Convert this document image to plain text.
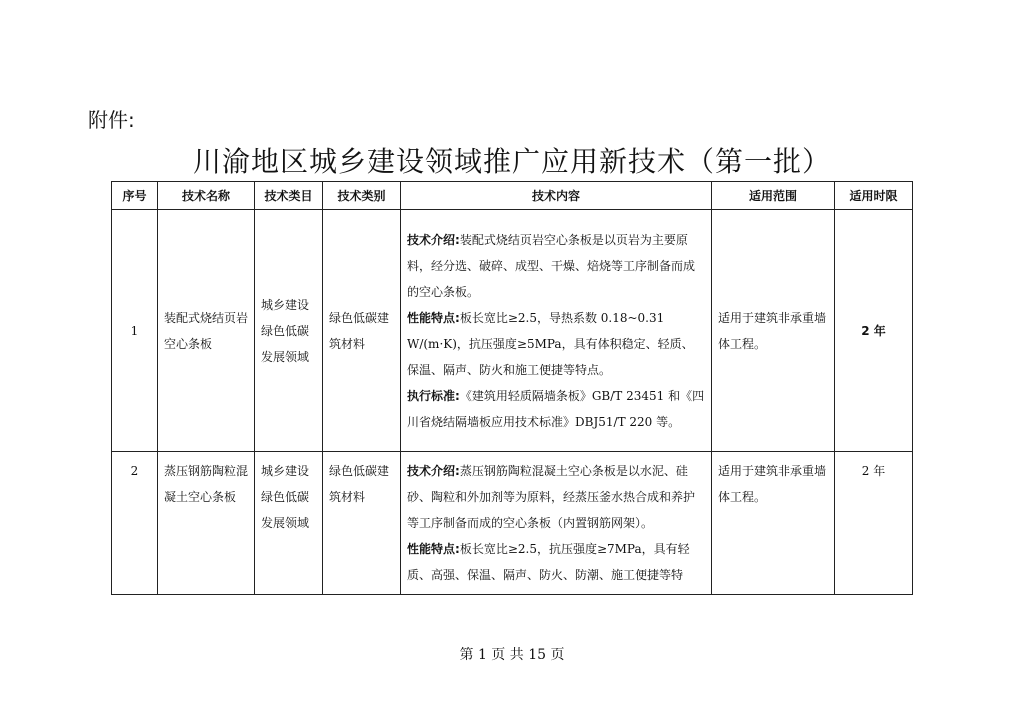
附件:
川渝地区城乡建设领域推广应用新技术（第一批）
序号	技术名称	技术类目	技术类别	技术内容	适用范围	适用时限
1	装配式烧结页岩空心条板	城乡建设绿色低碳发展领域	绿色低碳建筑材料	技术介绍:装配式烧结页岩空心条板是以页岩为主要原料，经分选、破碎、成型、干燥、焙烧等工序制备而成的空心条板。

性能特点:板长宽比≥2.5，导热系数 0.18~0.31 W/(m·K)，抗压强度≥5MPa，具有体积稳定、轻质、保温、隔声、防火和施工便捷等特点。

执行标准:《建筑用轻质隔墙条板》GB/T 23451 和《四川省烧结隔墙板应用技术标准》DBJ51/T 220 等。	适用于建筑非承重墙体工程。	2 年
2	蒸压钢筋陶粒混凝土空心条板	城乡建设绿色低碳发展领域	绿色低碳建筑材料	技术介绍:蒸压钢筋陶粒混凝土空心条板是以水泥、硅砂、陶粒和外加剂等为原料，经蒸压釜水热合成和养护等工序制备而成的空心条板（内置钢筋网架）。

性能特点:板长宽比≥2.5，抗压强度≥7MPa，具有轻质、高强、保温、隔声、防火、防潮、施工便捷等特	适用于建筑非承重墙体工程。	2 年
第 1 页 共 15 页
